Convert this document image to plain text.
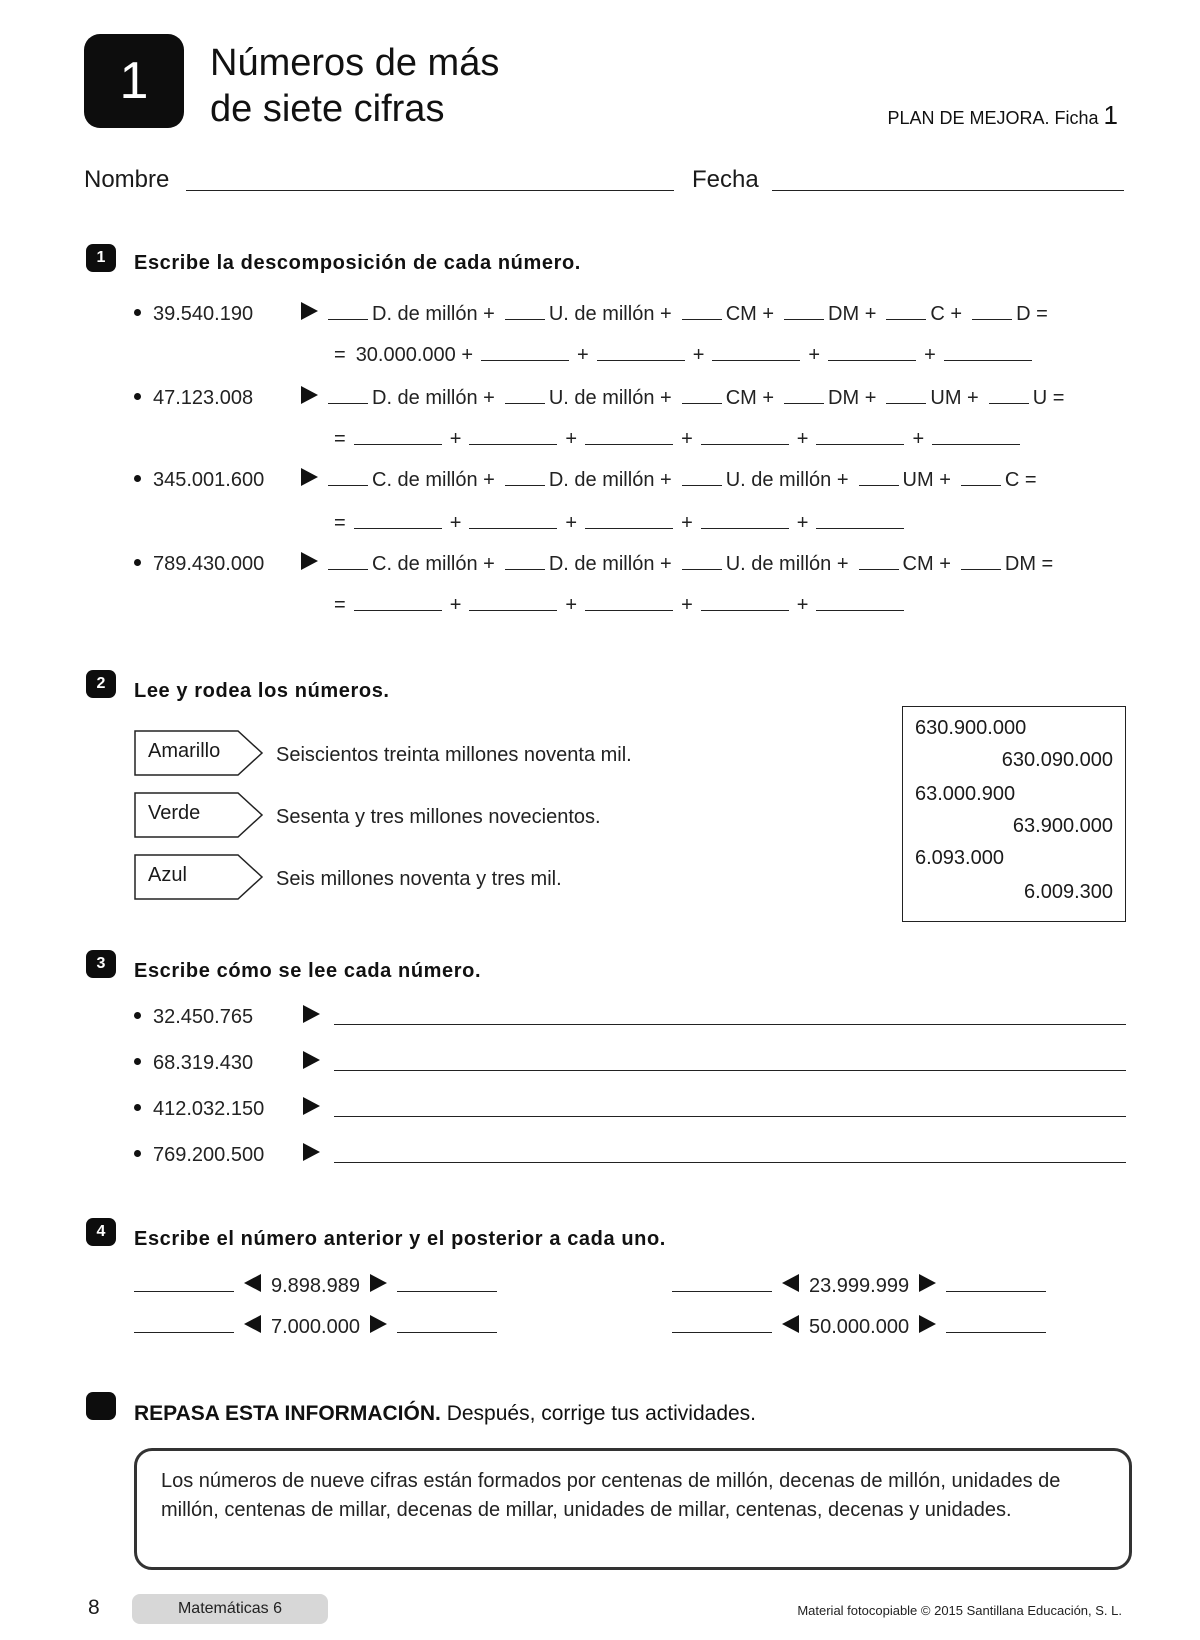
1 Números de más
de siete cifras	PLAN DE MEJORA. Ficha 1
Nombre	Fecha
1 Escribe la descomposición de cada número.
39.540.190	D. de millón +	U. de millón +	CM +	DM +	C +	D =
= 30.000.000 +	+	+	+	+
47.123.008	D. de millón +	U. de millón +	CM +	DM +	UM +	U =
=	+	+	+	+	+
345.001.600	C. de millón +	D. de millón +	U. de millón +	UM +	C =
=	+	+	+	+
789.430.000	C. de millón +	D. de millón +	U. de millón +	CM +	DM =
=	+	+	+	+
2 Lee y rodea los números.
Amarillo	Seiscientos treinta millones noventa mil.
Verde	Sesenta y tres millones novecientos.
Azul	Seis millones noventa y tres mil.
630.900.000
630.090.000
63.000.900
63.900.000
6.093.000
6.009.300
3 Escribe cómo se lee cada número.
32.450.765
68.319.430
412.032.150
769.200.500
4 Escribe el número anterior y el posterior a cada uno.
9.898.989	23.999.999
7.000.000	50.000.000
REPASA ESTA INFORMACIÓN. Después, corrige tus actividades.
Los números de nueve cifras están formados por centenas de millón, decenas de millón, unidades de millón, centenas de millar, decenas de millar, unidades de millar, centenas, decenas y unidades.
8	Matemáticas 6	Material fotocopiable © 2015 Santillana Educación, S. L.
